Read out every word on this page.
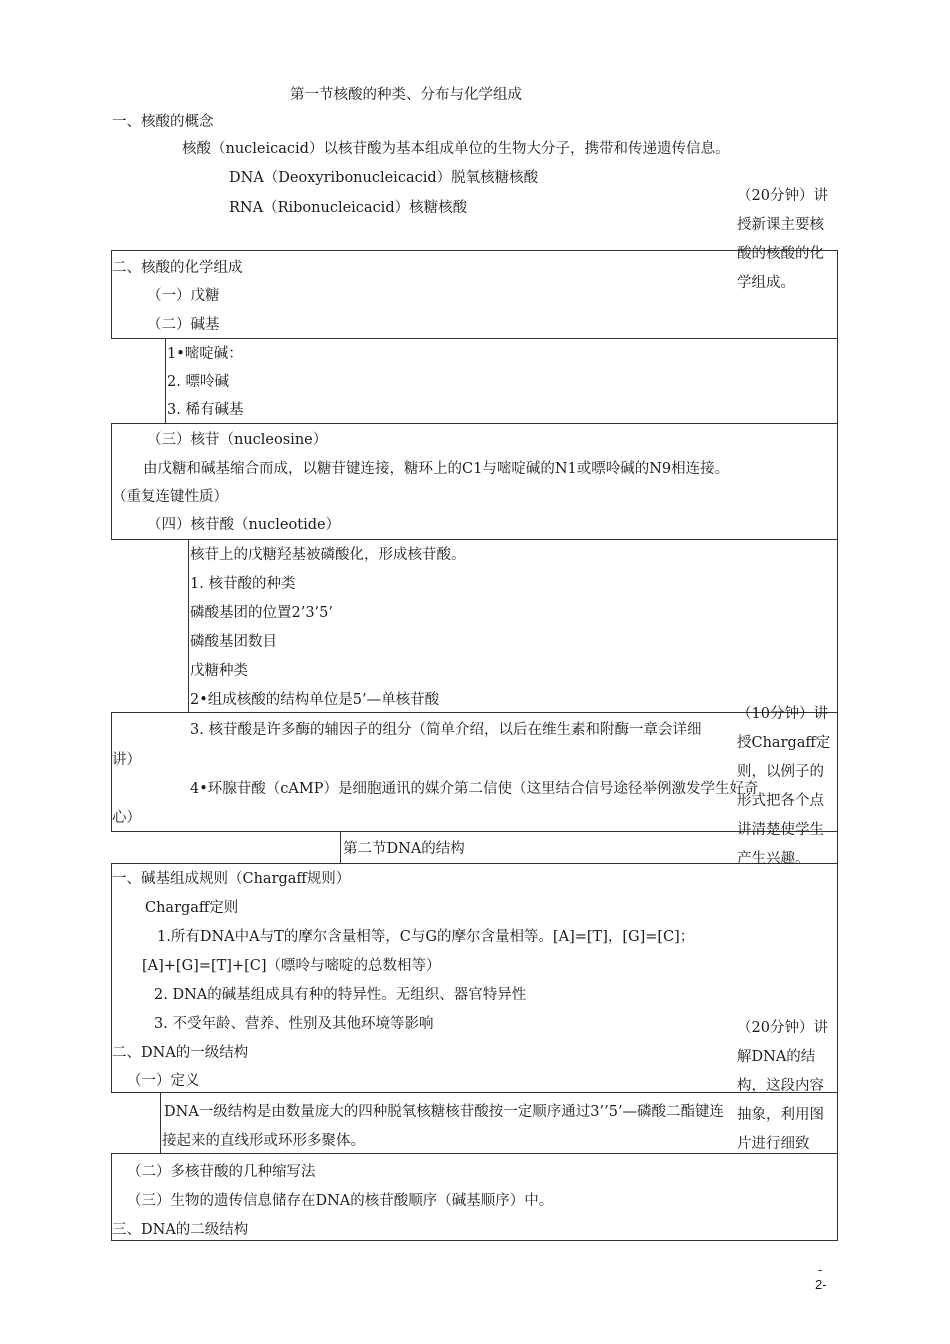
第一节核酸的种类、分布与化学组成
一、核酸的概念
核酸（nucleicacid）以核苷酸为基本组成单位的生物大分子，携带和传递遗传信息。
DNA（Deoxyribonucleicacid）脱氧核糖核酸
RNA（Ribonucleicacid）核糖核酸
二、核酸的化学组成
（一）戊糖
（二）碱基
1•嘧啶碱：
2. 嘌呤碱
3. 稀有碱基
（三）核苷（nucleosine）
由戊糖和碱基缩合而成，以糖苷键连接，糖环上的C1与嘧啶碱的N1或嘌呤碱的N9相连接。
（重复连键性质）
（四）核苷酸（nucleotide）
核苷上的戊糖羟基被磷酸化，形成核苷酸。
1. 核苷酸的种类
磷酸基团的位置2’3’5’
磷酸基团数目
戊糖种类
2•组成核酸的结构单位是5’—单核苷酸
3. 核苷酸是许多酶的辅因子的组分（简单介绍，以后在维生素和附酶一章会详细
讲）
4•环腺苷酸（cAMP）是细胞通讯的媒介第二信使（这里结合信号途径举例激发学生好奇
心）
第二节DNA的结构
一、碱基组成规则（Chargaff规则）
Chargaff定则
1.所有DNA中A与T的摩尔含量相等，C与G的摩尔含量相等。[A]=[T]，[G]=[C]；
[A]+[G]=[T]+[C]（嘌呤与嘧啶的总数相等）
2. DNA的碱基组成具有种的特异性。无组织、器官特异性
3. 不受年龄、营养、性别及其他环境等影响
二、DNA的一级结构
（一）定义
DNA一级结构是由数量庞大的四种脱氧核糖核苷酸按一定顺序通过3’’5’—磷酸二酯键连
接起来的直线形或环形多聚体。
（二）多核苷酸的几种缩写法
（三）生物的遗传信息储存在DNA的核苷酸顺序（碱基顺序）中。
三、DNA的二级结构
（20分钟）讲授新课主要核酸的核酸的化学组成。
（10分钟）讲授Chargaff定则，以例子的形式把各个点讲清楚使学生产生兴趣。
（20分钟）讲解DNA的结构，这段内容抽象，利用图片进行细致
-
2-
